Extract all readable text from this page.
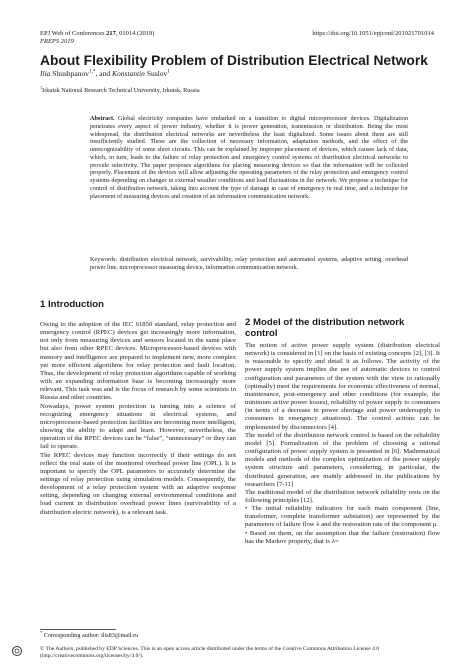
EPJ Web of Conferences 217, 01014 (2019)
FREPS 2019
https://doi.org/10.1051/epjconf/201921701014
About Flexibility Problem of Distribution Electrical Network
Ilia Shushpanov$^{1,*}$, and Konstantin Suslov$^1$
$^1$Irkutsk National Research Technical University, Irkutsk, Russia
Abstract. Global electricity companies have embarked on a transition to digital microprocessor devices. Digitalization penetrates every aspect of power industry, whether it is power generation, transmission or distribution. Being the most widespread, the distribution electrical networks are nevertheless the least digitalized. Some issues about them are still insufficiently studied. These are the collection of necessary information, adaptation methods, and the effect of the unrecognizability of some short circuits. This can be explained by improper placement of devices, which causes lack of data, which, in turn, leads to the failure of relay protection and emergency control systems of distribution electrical networks to provide selectivity. The paper proposes algorithms for placing measuring devices so that the information will be collected properly. Placement of the devices will allow adjusting the operating parameters of the relay protection and emergency control systems depending on changes in external weather conditions and load fluctuations in the network. We propose a technique for control of distribution network, taking into account the type of damage in case of emergency in real time, and a technique for placement of measuring devices and creation of an information communication network.
Keywords: distribution electrical network, survivability, relay protection and automated systems, adaptive setting, overhead power line, microprocessor measuring device, information communication network.
1 Introduction

Owing to the adoption of the IEC 61850 standard, relay protection and emergency control (RPEC) devices get increasingly more information, not only from measuring devices and sensors located in the same place but also from other RPEC devices. Microprocessor-based devices with memory and intelligence are prepared to implement new, more complex yet more efficient algorithms for relay protection and fault location. Thus, the development of relay protection algorithms capable of working with an expanding information base is becoming increasingly more relevant. This task was and is the focus of research by some scientists in Russia and other countries.

Nowadays, power system protection is turning into a science of recognizing emergency situations in electrical systems, and microprocessor-based protection facilities are becoming more intelligent, showing the ability to adapt and learn. However, nevertheless, the operation of the RPEC devices can be “false”, “unnecessary” or they can fail to operate.

The RPEC devices may function incorrectly if their settings do not reflect the real state of the monitored overhead power line (OPL). It is important to specify the OPL parameters to accurately determine the settings of relay protection using simulation models. Consequently, the development of a relay protection system with an adaptive response setting, depending on changing external environmental conditions and load current in distribution overhead power lines (survivability of a distribution electric network), is a relevant task.

2 Model of the distribution network control

The notion of active power supply system (distribution electrical network) is considered in [1] on the basis of existing concepts [2], [3]. It is reasonable to specify and detail it as follows. The activity of the power supply system implies the use of automatic devices to control configuration and parameters of the system with the view to rationally (optimally) meet the requirements for economic effectiveness of normal, maintenance, post-emergency and other conditions (for example, the minimum active power losses), reliability of power supply to consumers (in terms of a decrease in power shortage and power undersupply to consumers in emergency situations). The control actions can be implemented by disconnectors [4].

The model of the distribution network control is based on the reliability model [5]. Formalization of the problem of choosing a rational configuration of power supply system is presented in [6]. Mathematical models and methods of the complex optimization of the power supply system structure and parameters, considering, in particular, the distributed generation, are mainly addressed in the publications by researchers [7-11]

The traditional model of the distribution network reliability rests on the following principles [12].

• The initial reliability indicators for each main component (line, transformer, complete transformer substation) are represented by the parameters of failure flow λ and the restoration rate of the component μ.

• Based on them, on the assumption that the failure (restoration) flow has the Markov property, that is λ=

* Corresponding author: ilis83@mail.ru
© The Authors, published by EDP Sciences. This is an open access article distributed under the terms of the Creative Commons Attribution License 4.0 (http://creativecommons.org/licenses/by/4.0/).
